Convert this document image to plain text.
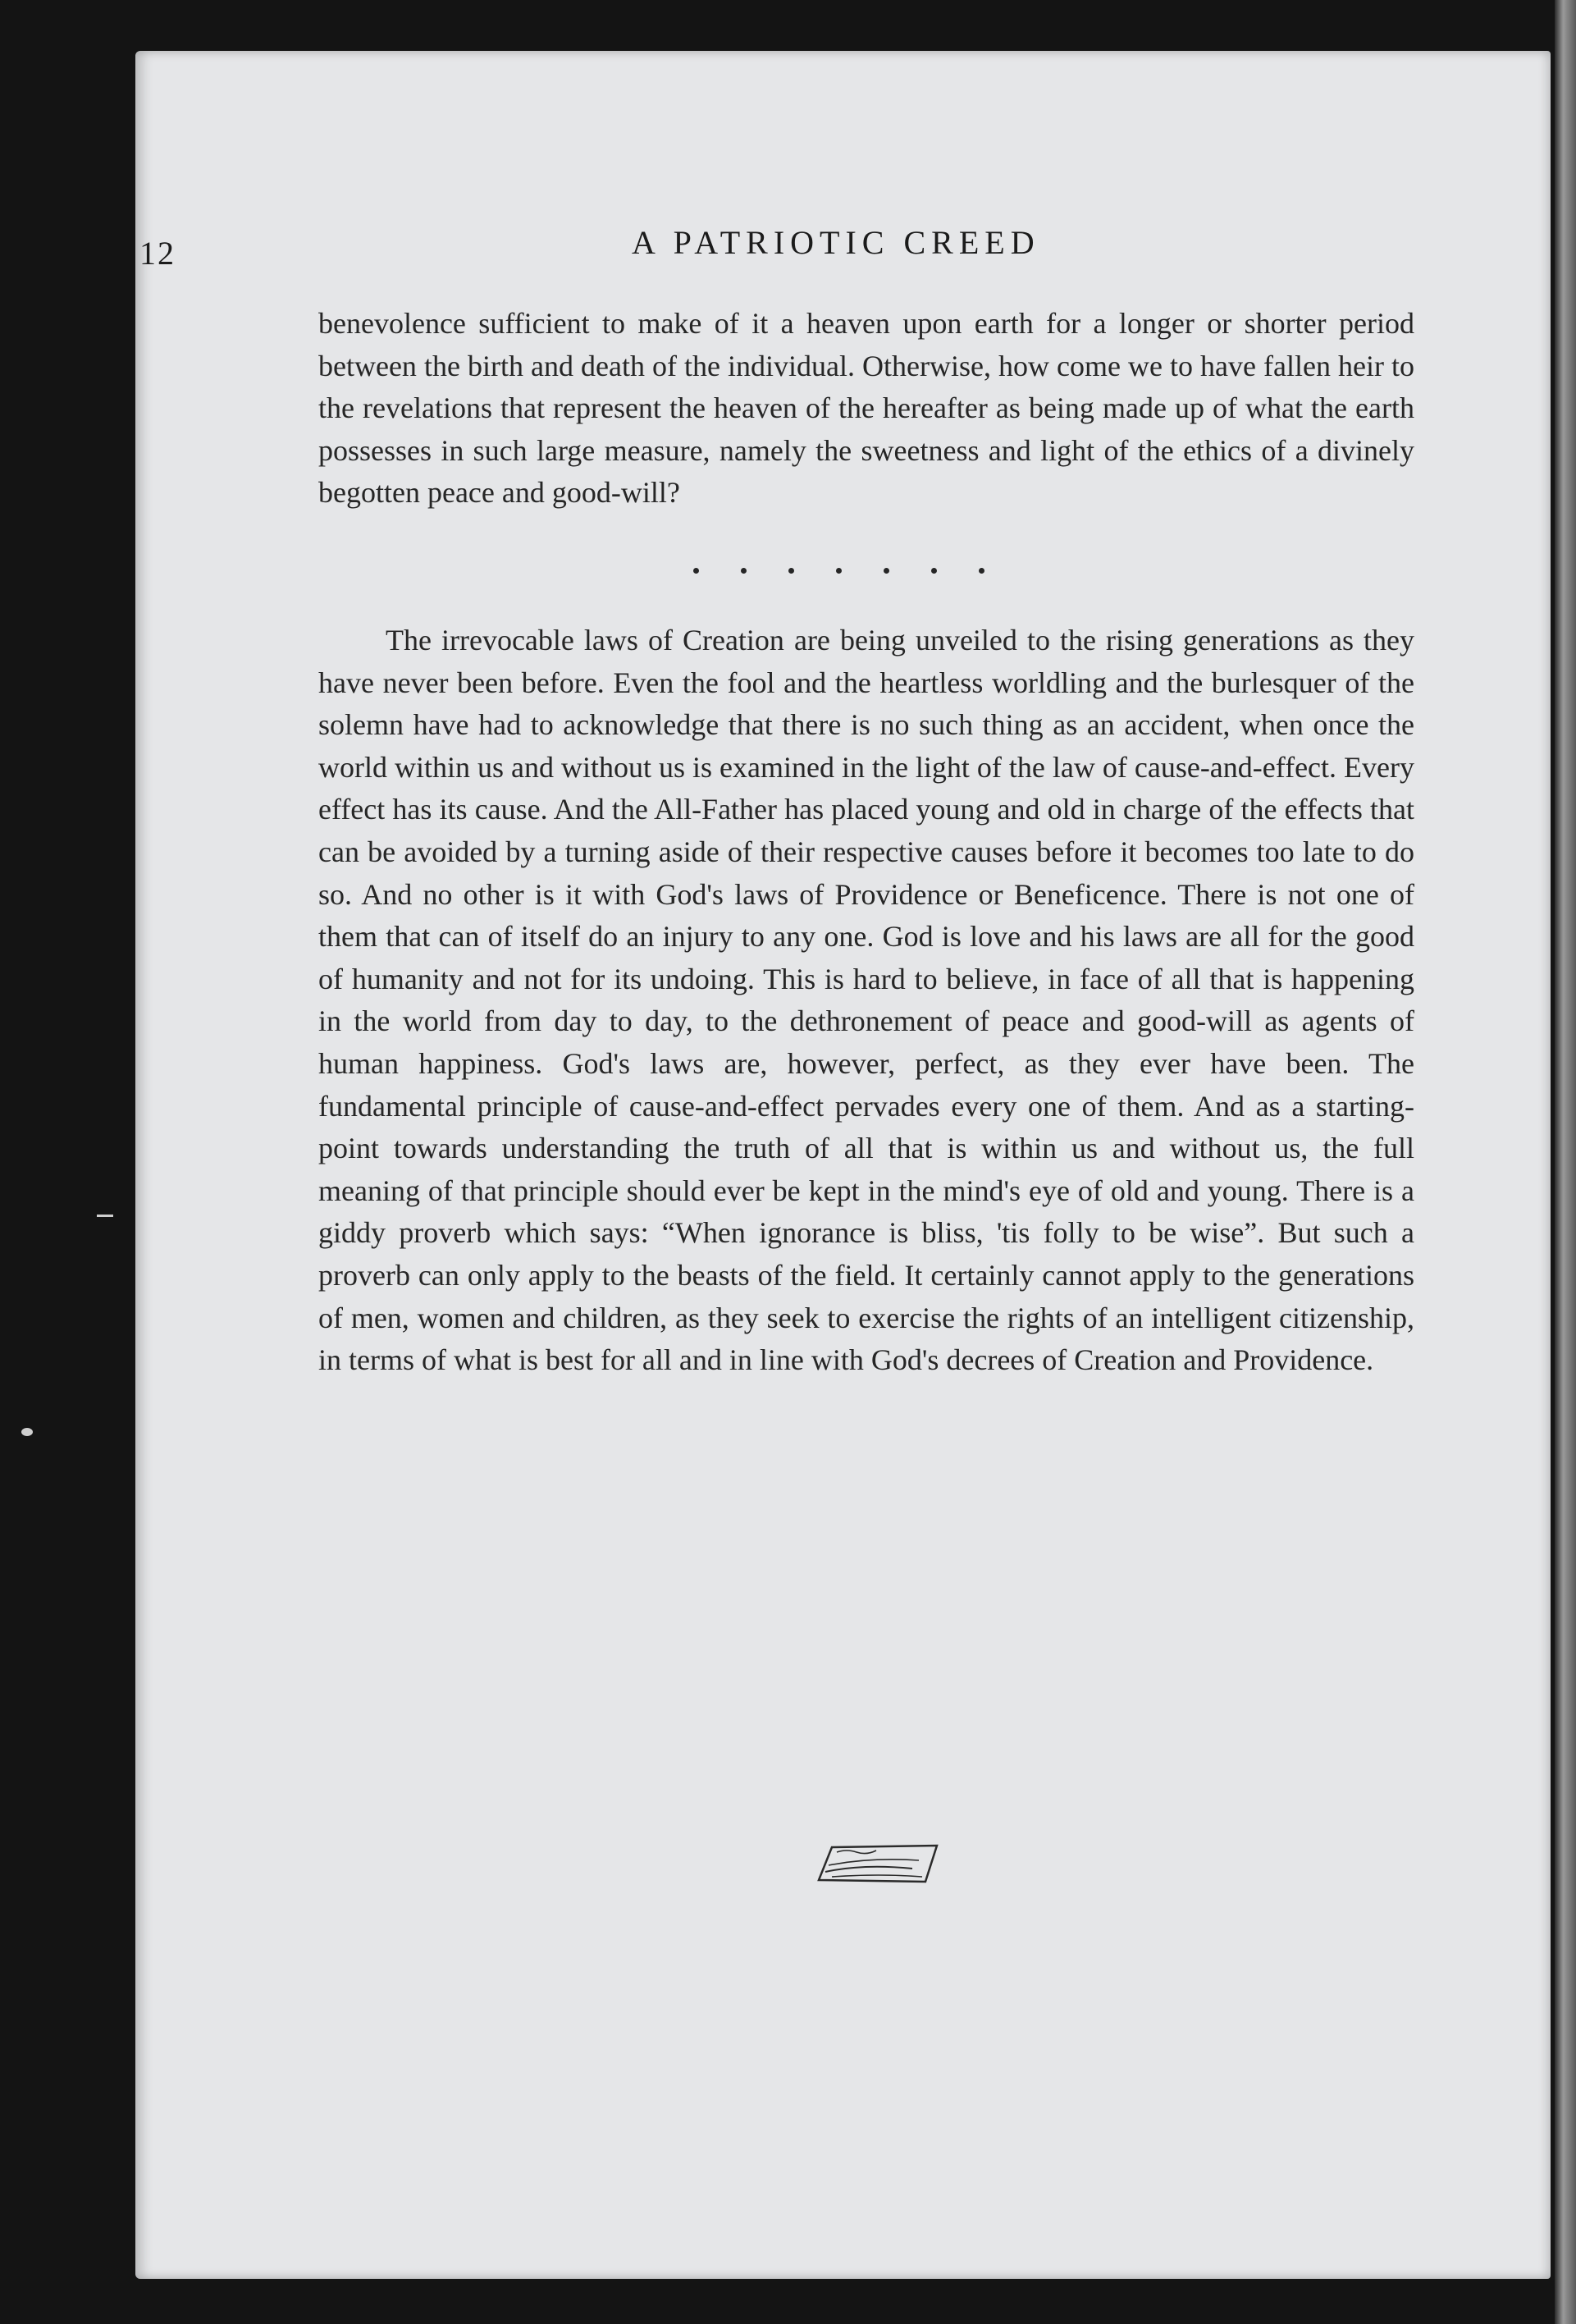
12	A PATRIOTIC CREED

benevolence sufficient to make of it a heaven upon earth for a longer or shorter period between the birth and death of the individual. Otherwise, how come we to have fallen heir to the revelations that represent the heaven of the hereafter as being made up of what the earth possesses in such large measure, namely the sweetness and light of the ethics of a divinely begotten peace and good-will?

The irrevocable laws of Creation are being unveiled to the rising generations as they have never been before. Even the fool and the heartless worldling and the burlesquer of the solemn have had to acknowledge that there is no such thing as an accident, when once the world within us and without us is examined in the light of the law of cause-and-effect. Every effect has its cause. And the All-Father has placed young and old in charge of the effects that can be avoided by a turning aside of their respective causes before it becomes too late to do so. And no other is it with God's laws of Providence or Beneficence. There is not one of them that can of itself do an injury to any one. God is love and his laws are all for the good of humanity and not for its undoing. This is hard to believe, in face of all that is happening in the world from day to day, to the dethronement of peace and good-will as agents of human happiness. God's laws are, however, perfect, as they ever have been. The fundamental principle of cause-and-effect pervades every one of them. And as a starting-point towards understanding the truth of all that is within us and without us, the full meaning of that principle should ever be kept in the mind's eye of old and young. There is a giddy proverb which says: “When ignorance is bliss, 'tis folly to be wise”. But such a proverb can only apply to the beasts of the field. It certainly cannot apply to the generations of men, women and children, as they seek to exercise the rights of an intelligent citizenship, in terms of what is best for all and in line with God's decrees of Creation and Providence.
